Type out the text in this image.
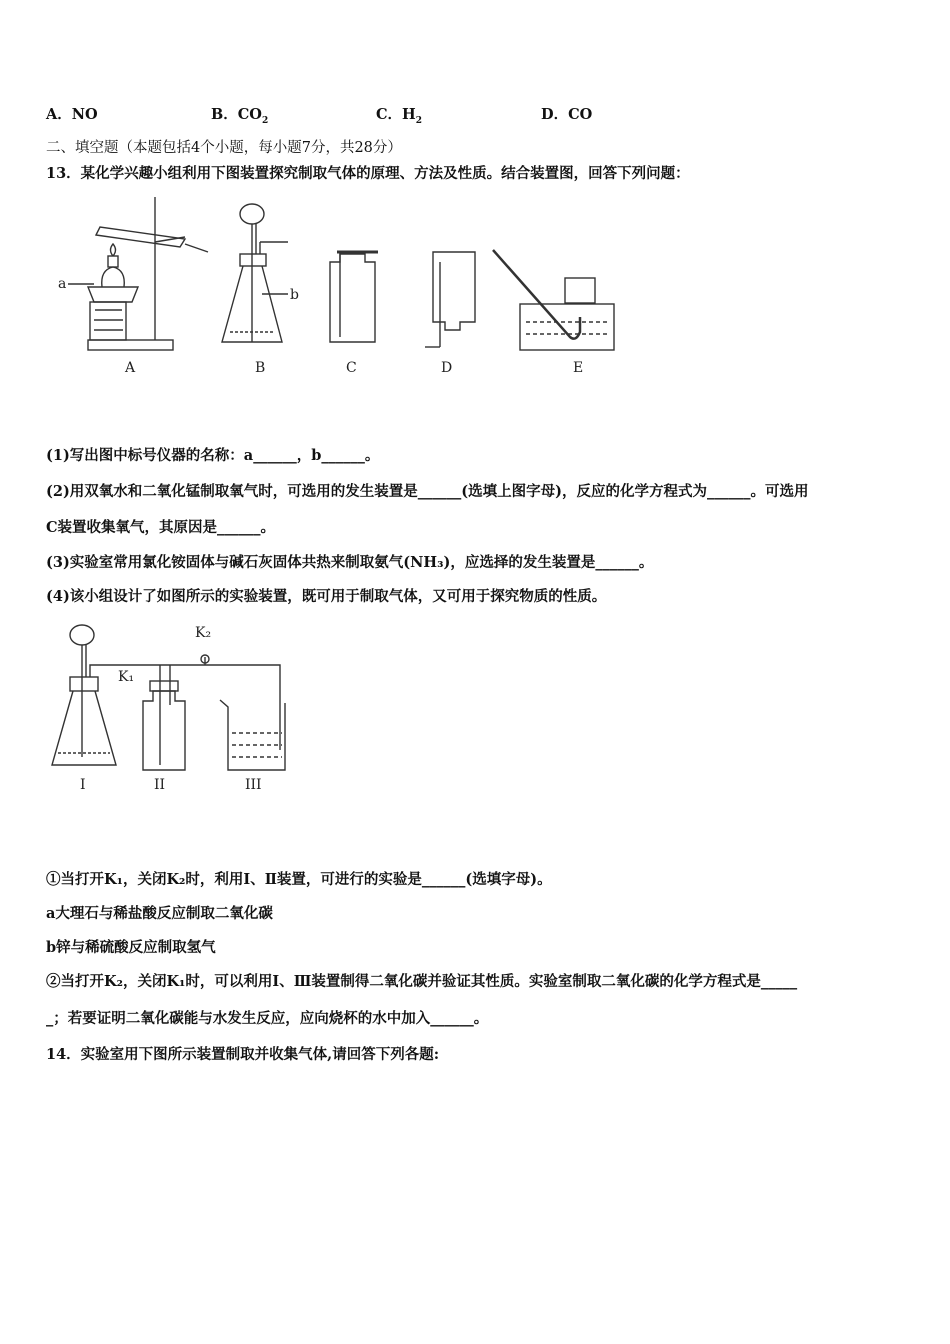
A．NO	B．$CO_2$	C．$H_2$	D．CO
二、填空题（本题包括4个小题，每小题7分，共28分）
13．某化学兴趣小组利用下图装置探究制取气体的原理、方法及性质。结合装置图，回答下列问题：
a
A
b
B	C	D	E
(1)写出图中标号仪器的名称：a______，b______。
(2)用双氧水和二氧化锰制取氧气时，可选用的发生装置是______(选填上图字母)，反应的化学方程式为______。可选用
C装置收集氧气，其原因是______。
(3)实验室常用氯化铵固体与碱石灰固体共热来制取氨气(NH₃)，应选择的发生装置是______。
(4)该小组设计了如图所示的实验装置，既可用于制取气体，又可用于探究物质的性质。
I
K₂
K₁
II	III
①当打开K₁，关闭K₂时，利用Ⅰ、Ⅱ装置，可进行的实验是______(选填字母)。
a大理石与稀盐酸反应制取二氧化碳
b锌与稀硫酸反应制取氢气
②当打开K₂，关闭K₁时，可以利用Ⅰ、Ⅲ装置制得二氧化碳并验证其性质。实验室制取二氧化碳的化学方程式是_____
_；若要证明二氧化碳能与水发生反应，应向烧杯的水中加入______。
14．实验室用下图所示装置制取并收集气体,请回答下列各题:
